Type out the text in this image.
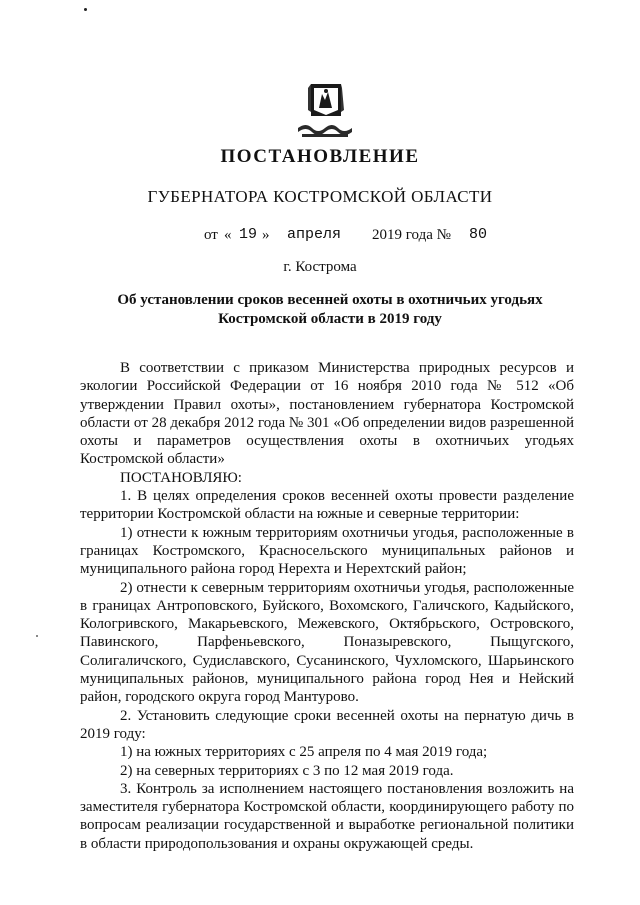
ПОСТАНОВЛЕНИЕ
ГУБЕРНАТОРА КОСТРОМСКОЙ ОБЛАСТИ
от « 19 » апреля 2019 года № 80
г. Кострома
Об установлении сроков весенней охоты в охотничьих угодьях
Костромской области в 2019 году

В соответствии с приказом Министерства природных ресурсов и экологии Российской Федерации от 16 ноября 2010 года № 512 «Об утверждении Правил охоты», постановлением губернатора Костромской области от 28 декабря 2012 года № 301 «Об определении видов разрешенной охоты и параметров осуществления охоты в охотничьих угодьях Костромской области»

ПОСТАНОВЛЯЮ:

1. В целях определения сроков весенней охоты провести разделение территории Костромской области на южные и северные территории:

1) отнести к южным территориям охотничьи угодья, расположенные в границах Костромского, Красносельского муниципальных районов и муниципального района город Нерехта и Нерехтский район;

2) отнести к северным территориям охотничьи угодья, расположенные в границах Антроповского, Буйского, Вохомского, Галичского, Кадыйского, Кологривского, Макарьевского, Межевского, Октябрьского, Островского, Павинского, Парфеньевского, Поназыревского, Пыщугского, Солигаличского, Судиславского, Сусанинского, Чухломского, Шарьинского муниципальных районов, муниципального района город Нея и Нейский район, городского округа город Мантурово.

2. Установить следующие сроки весенней охоты на пернатую дичь в 2019 году:

1) на южных территориях с 25 апреля по 4 мая 2019 года;

2) на северных территориях с 3 по 12 мая 2019 года.

3. Контроль за исполнением настоящего постановления возложить на заместителя губернатора Костромской области, координирующего работу по вопросам реализации государственной и выработке региональной политики в области природопользования и охраны окружающей среды.
